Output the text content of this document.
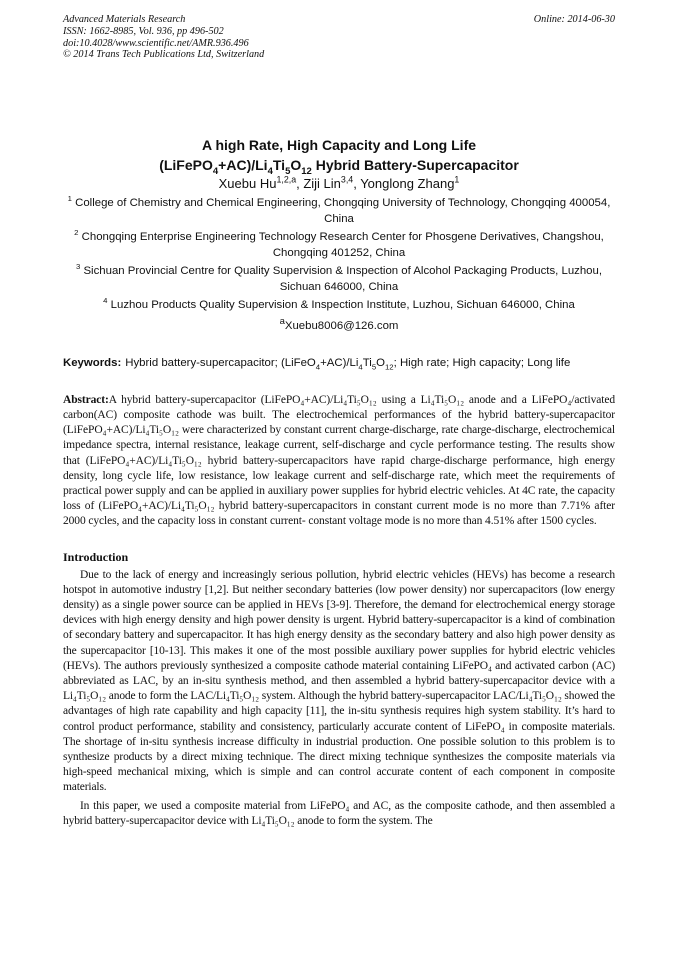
Advanced Materials Research
ISSN: 1662-8985, Vol. 936, pp 496-502
doi:10.4028/www.scientific.net/AMR.936.496
© 2014 Trans Tech Publications Ltd, Switzerland
Online: 2014-06-30
A high Rate, High Capacity and Long Life
$(LiFePO_4+AC)/Li_4Ti_5O_{12}$ Hybrid Battery-Supercapacitor
Xuebu Hu$^{1,2,a}$, Ziji Lin$^{3,4}$, Yonglong Zhang$^1$
$^1$ College of Chemistry and Chemical Engineering, Chongqing University of Technology, Chongqing 400054, China
$^2$ Chongqing Enterprise Engineering Technology Research Center for Phosgene Derivatives, Changshou, Chongqing 401252, China
$^3$ Sichuan Provincial Centre for Quality Supervision & Inspection of Alcohol Packaging Products, Luzhou, Sichuan 646000, China
$^4$ Luzhou Products Quality Supervision & Inspection Institute, Luzhou, Sichuan 646000, China
$^a$Xuebu8006@126.com
Keywords: Hybrid battery-supercapacitor; $(LiFeO_4+AC)/Li_4Ti_5O_{12}$; High rate; High capacity; Long life
Abstract:A hybrid battery-supercapacitor (LiFePO₄+AC)/Li₄Ti₅O₁₂ using a Li₄Ti₅O₁₂ anode and a LiFePO₄/activated carbon(AC) composite cathode was built. The electrochemical performances of the hybrid battery-supercapacitor (LiFePO₄+AC)/Li₄Ti₅O₁₂ were characterized by constant current charge-discharge, rate charge-discharge, electrochemical impedance spectra, internal resistance, leakage current, self-discharge and cycle performance testing. The results show that (LiFePO₄+AC)/Li₄Ti₅O₁₂ hybrid battery-supercapacitors have rapid charge-discharge performance, high energy density, long cycle life, low resistance, low leakage current and self-discharge rate, which meet the requirements of practical power supply and can be applied in auxiliary power supplies for hybrid electric vehicles. At 4C rate, the capacity loss of (LiFePO₄+AC)/Li₄Ti₅O₁₂ hybrid battery-supercapacitors in constant current mode is no more than 7.71% after 2000 cycles, and the capacity loss in constant current- constant voltage mode is no more than 4.51% after 1500 cycles.
Introduction
Due to the lack of energy and increasingly serious pollution, hybrid electric vehicles (HEVs) has become a research hotspot in automotive industry [1,2]. But neither secondary batteries (low power density) nor supercapacitors (low energy density) as a single power source can be applied in HEVs [3-9]. Therefore, the demand for electrochemical energy storage devices with high energy density and high power density is urgent. Hybrid battery-supercapacitor is a kind of combination of secondary battery and supercapacitor. It has high energy density as the secondary battery and also high power density as the supercapacitor [10-13]. This makes it one of the most possible auxiliary power supplies for hybrid electric vehicles (HEVs). The authors previously synthesized a composite cathode material containing LiFePO₄ and activated carbon (AC) abbreviated as LAC, by an in-situ synthesis method, and then assembled a hybrid battery-supercapacitor device with a Li₄Ti₅O₁₂ anode to form the LAC/Li₄Ti₅O₁₂ system. Although the hybrid battery-supercapacitor LAC/Li₄Ti₅O₁₂ showed the advantages of high rate capability and high capacity [11], the in-situ synthesis requires high system stability. It’s hard to control product performance, stability and consistency, particularly accurate content of LiFePO₄ in composite materials. The shortage of in-situ synthesis increase difficulty in industrial production. One possible solution to this problem is to synthesize products by a direct mixing technique. The direct mixing technique synthesizes the composite materials via high-speed mechanical mixing, which is simple and can control accurate content of each component in composite materials.
In this paper, we used a composite material from LiFePO₄ and AC, as the composite cathode, and then assembled a hybrid battery-supercapacitor device with Li₄Ti₅O₁₂ anode to form the system. The
